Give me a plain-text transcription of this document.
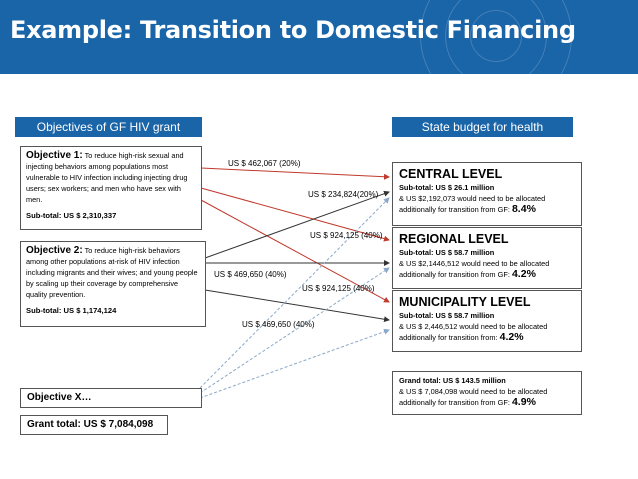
Example: Transition to Domestic Financing
Objectives of GF HIV grant	State budget for health
US $ 462,067 (20%)
US $ 234,824(20%)
US $ 924,125 (40%)
US $ 469,650 (40%)
US $ 924,125 (40%)
US $ 469,650 (40%)
Objective 1: To reduce high-risk sexual and injecting behaviors among populations most vulnerable to HIV infection including injecting drug users; sex workers; and men who have sex with men.
Sub-total: US $ 2,310,337
Objective 2: To reduce high-risk behaviors among other populations at-risk of HIV infection including migrants and their wives; and young people by scaling up their coverage by comprehensive quality prevention.
Sub-total: US $ 1,174,124
Objective X…
Grant total: US $ 7,084,098
CENTRAL LEVEL
Sub-total: US $ 26.1 million
& US $2,192,073 would need to be allocated
additionally for transition from GF: 8.4%
REGIONAL LEVEL
Sub-total: US $ 58.7 million
& US $2,1446,512 would need to be allocated
additionally for transition from GF: 4.2%
MUNICIPALITY LEVEL
Sub-total: US $ 58.7 million
& US $ 2,446,512 would need to be allocated
additionally for transition from: 4.2%
Grand total: US $ 143.5 million
& US $ 7,084,098 would need to be allocated
additionally for transition from GF: 4.9%
